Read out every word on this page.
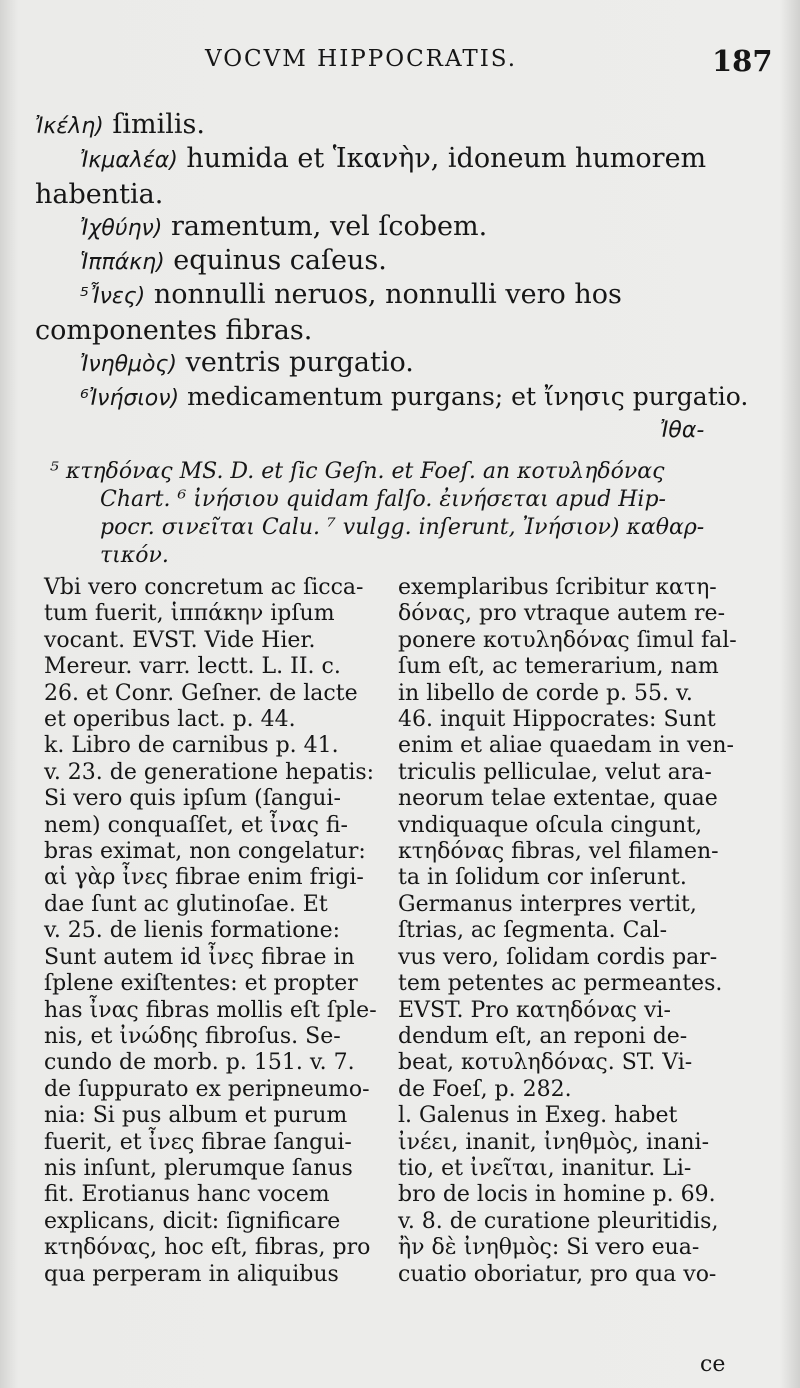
VOCVM HIPPOCRATIS.	187
Ἰκέλη) ſimilis.
Ἰκμαλέα) humida et Ἱκανὴν, idoneum humorem habentia.
Ἰχθύην) ramentum, vel ſcobem.
Ἱππάκη) equinus caſeus.
⁵Ἶνες) nonnulli neruos, nonnulli vero hos componentes fibras.
Ἰνηθμὸς) ventris purgatio.
⁶Ἰνήσιον) medicamentum purgans; et ἴνησις purgatio.
Ἰθα-
⁵ κτηδόνας MS. D. et ſic Geſn. et Foeſ. an κοτυληδόνας
Chart. ⁶ ἰνήσιου quidam falſo. ἐινήσεται apud Hip-
pocr. σινεῖται Calu. ⁷ vulgg. inſerunt, Ἰνήσιον) καθαρ-
τικόν.
Vbi vero concretum ac ſicca-
tum fuerit, ἱππάκην ipſum
vocant. EVST. Vide Hier.
Mereur. varr. lectt. L. II. c.
26. et Conr. Geſner. de lacte
et operibus lact. p. 44.
k. Libro de carnibus p. 41.
v. 23. de generatione hepatis:
Si vero quis ipſum (ſangui-
nem) conquaſſet, et ἶνας fi-
bras eximat, non congelatur:
αἱ γὰρ ἶνες fibrae enim frigi-
dae ſunt ac glutinoſae. Et
v. 25. de lienis formatione:
Sunt autem id ἶνες fibrae in
ſplene exiſtentes: et propter
has ἶνας fibras mollis eſt ſple-
nis, et ἰνώδης fibroſus. Se-
cundo de morb. p. 151. v. 7.
de ſuppurato ex peripneumo-
nia: Si pus album et purum
fuerit, et ἶνες fibrae ſangui-
nis inſunt, plerumque ſanus
fit. Erotianus hanc vocem
explicans, dicit: ſignificare
κτηδόνας, hoc eſt, fibras, pro
qua perperam in aliquibus
exemplaribus ſcribitur κατη-
δόνας, pro vtraque autem re-
ponere κοτυληδόνας ſimul fal-
ſum eſt, ac temerarium, nam
in libello de corde p. 55. v.
46. inquit Hippocrates: Sunt
enim et aliae quaedam in ven-
triculis pelliculae, velut ara-
neorum telae extentae, quae
vndiquaque oſcula cingunt,
κτηδόνας fibras, vel filamen-
ta in ſolidum cor inſerunt.
Germanus interpres vertit,
ſtrias, ac ſegmenta. Cal-
vus vero, ſolidam cordis par-
tem petentes ac permeantes.
EVST. Pro κατηδόνας vi-
dendum eſt, an reponi de-
beat, κοτυληδόνας. ST. Vi-
de Foeſ, p. 282.
l. Galenus in Exeg. habet
ἰνέει, inanit, ἰνηθμὸς, inani-
tio, et ἰνεῖται, inanitur. Li-
bro de locis in homine p. 69.
v. 8. de curatione pleuritidis,
ἢν δὲ ἰνηθμὸς: Si vero eua-
cuatio oboriatur, pro qua vo-
ce
